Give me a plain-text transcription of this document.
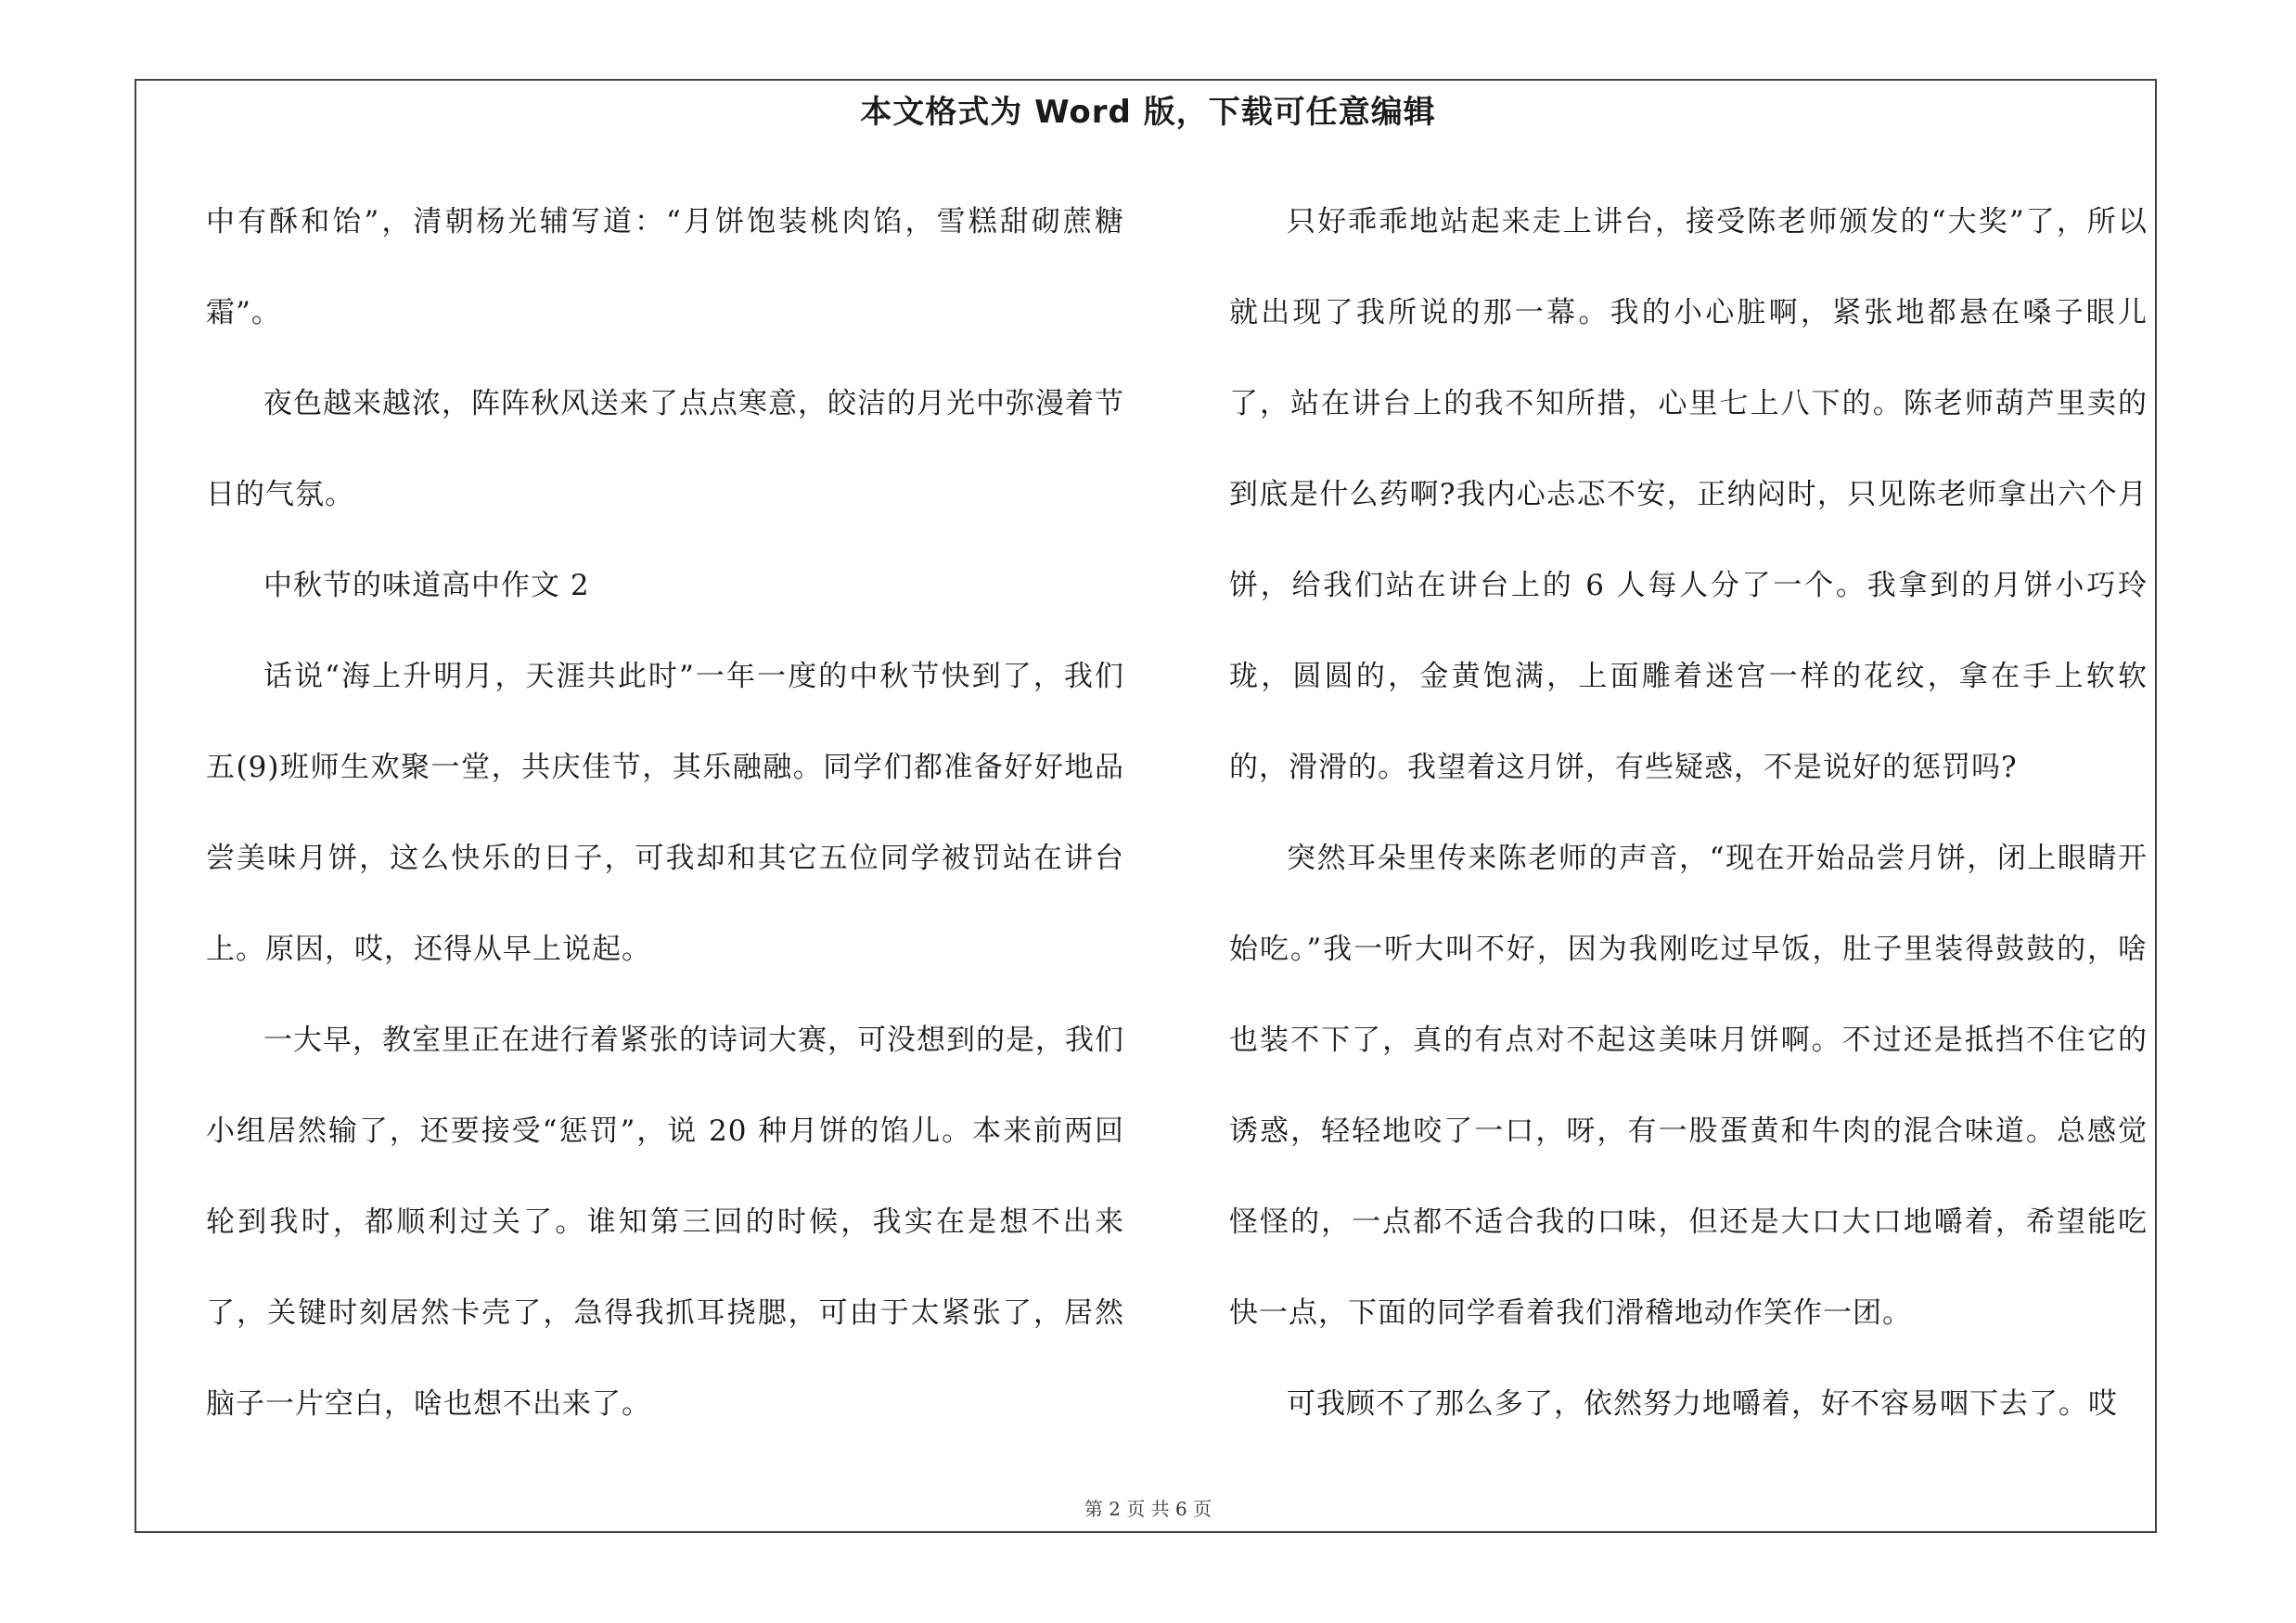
本文格式为 Word 版，下载可任意编辑

中有酥和饴”，清朝杨光辅写道：“月饼饱装桃肉馅，雪糕甜砌蔗糖霜”。

夜色越来越浓，阵阵秋风送来了点点寒意，皎洁的月光中弥漫着节日的气氛。

中秋节的味道高中作文 2

话说“海上升明月，天涯共此时”一年一度的中秋节快到了，我们五(9)班师生欢聚一堂，共庆佳节，其乐融融。同学们都准备好好地品尝美味月饼，这么快乐的日子，可我却和其它五位同学被罚站在讲台上。原因，哎，还得从早上说起。

一大早，教室里正在进行着紧张的诗词大赛，可没想到的是，我们小组居然输了，还要接受“惩罚”，说 20 种月饼的馅儿。本来前两回轮到我时，都顺利过关了。谁知第三回的时候，我实在是想不出来了，关键时刻居然卡壳了，急得我抓耳挠腮，可由于太紧张了，居然脑子一片空白，啥也想不出来了。

只好乖乖地站起来走上讲台，接受陈老师颁发的“大奖”了，所以就出现了我所说的那一幕。我的小心脏啊，紧张地都悬在嗓子眼儿了，站在讲台上的我不知所措，心里七上八下的。陈老师葫芦里卖的到底是什么药啊?我内心忐忑不安，正纳闷时，只见陈老师拿出六个月饼，给我们站在讲台上的 6 人每人分了一个。我拿到的月饼小巧玲珑，圆圆的，金黄饱满，上面雕着迷宫一样的花纹，拿在手上软软的，滑滑的。我望着这月饼，有些疑惑，不是说好的惩罚吗?

突然耳朵里传来陈老师的声音，“现在开始品尝月饼，闭上眼睛开始吃。”我一听大叫不好，因为我刚吃过早饭，肚子里装得鼓鼓的，啥也装不下了，真的有点对不起这美味月饼啊。不过还是抵挡不住它的诱惑，轻轻地咬了一口，呀，有一股蛋黄和牛肉的混合味道。总感觉怪怪的，一点都不适合我的口味，但还是大口大口地嚼着，希望能吃快一点，下面的同学看着我们滑稽地动作笑作一团。

可我顾不了那么多了，依然努力地嚼着，好不容易咽下去了。哎

第 2 页 共 6 页
